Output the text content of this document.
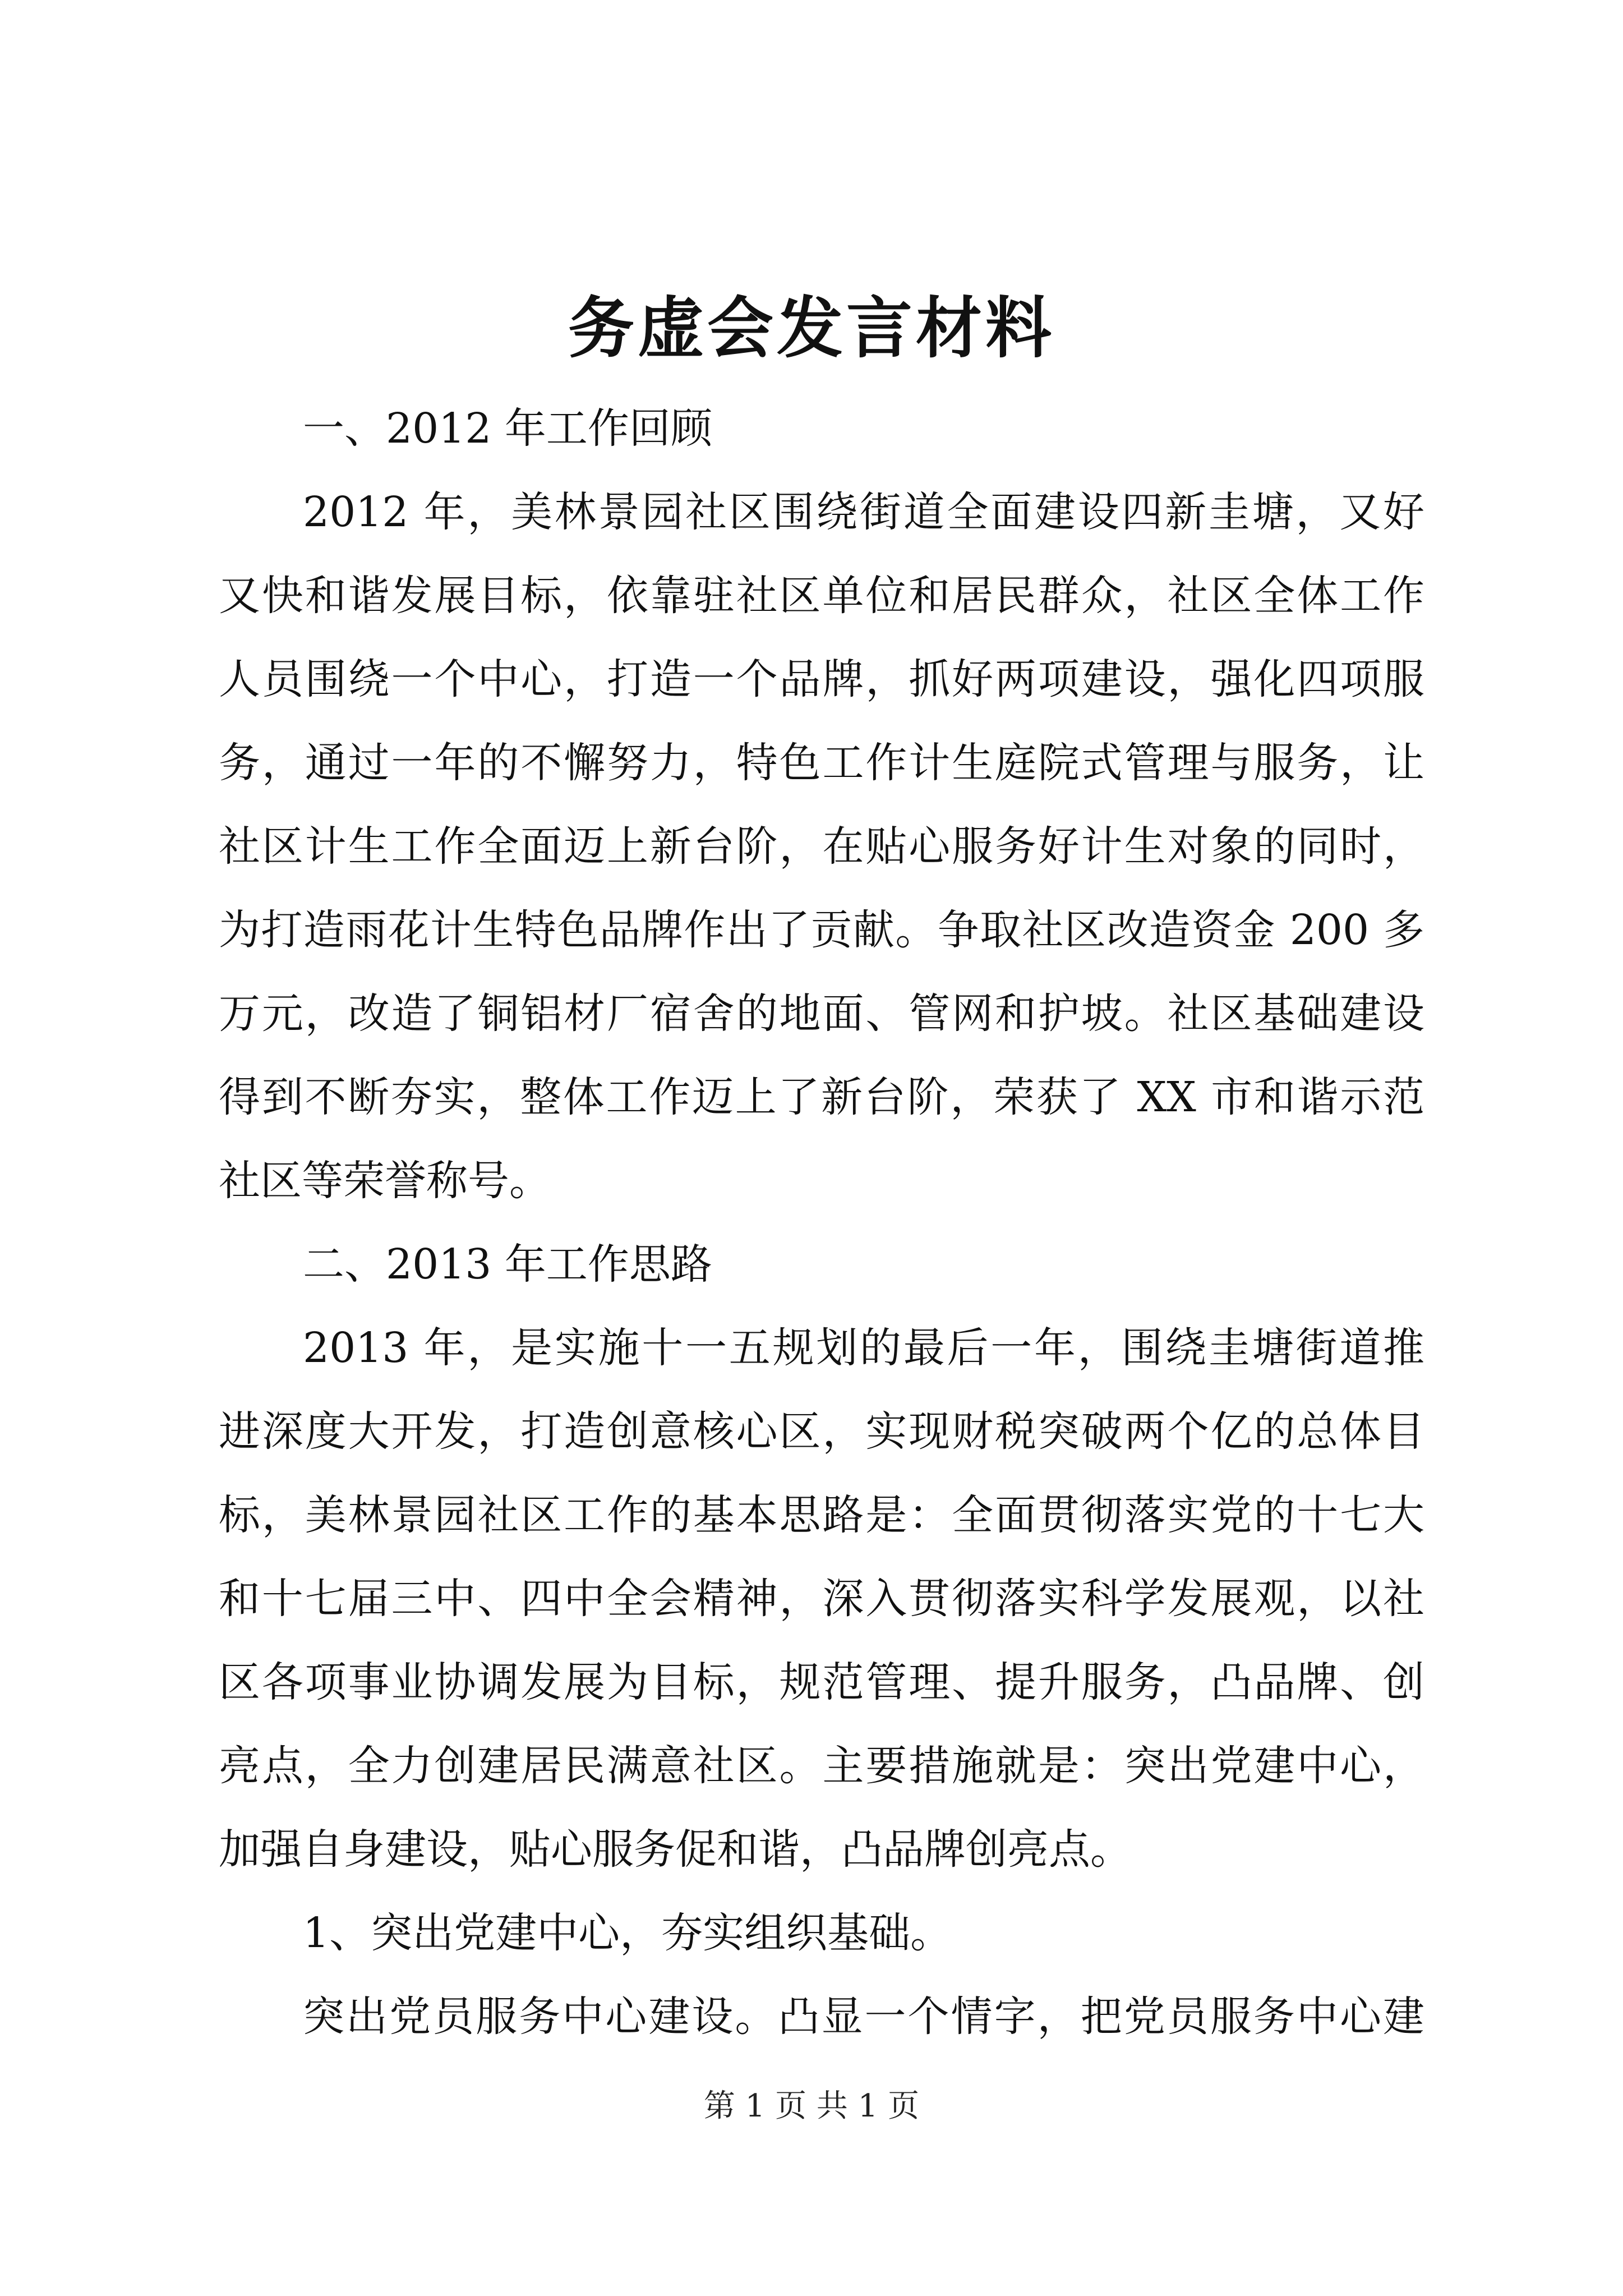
务虚会发言材料
一、2012 年工作回顾
2012 年，美林景园社区围绕街道全面建设四新圭塘，又好
又快和谐发展目标，依靠驻社区单位和居民群众，社区全体工作
人员围绕一个中心，打造一个品牌，抓好两项建设，强化四项服
务，通过一年的不懈努力，特色工作计生庭院式管理与服务，让
社区计生工作全面迈上新台阶，在贴心服务好计生对象的同时，
为打造雨花计生特色品牌作出了贡献。争取社区改造资金 200 多
万元，改造了铜铝材厂宿舍的地面、管网和护坡。社区基础建设
得到不断夯实，整体工作迈上了新台阶，荣获了 XX 市和谐示范
社区等荣誉称号。
二、2013 年工作思路
2013 年，是实施十一五规划的最后一年，围绕圭塘街道推
进深度大开发，打造创意核心区，实现财税突破两个亿的总体目
标，美林景园社区工作的基本思路是：全面贯彻落实党的十七大
和十七届三中、四中全会精神，深入贯彻落实科学发展观，以社
区各项事业协调发展为目标，规范管理、提升服务，凸品牌、创
亮点，全力创建居民满意社区。主要措施就是：突出党建中心，
加强自身建设，贴心服务促和谐，凸品牌创亮点。
1、突出党建中心，夯实组织基础。
突出党员服务中心建设。凸显一个情字，把党员服务中心建
第 1 页 共 1 页
